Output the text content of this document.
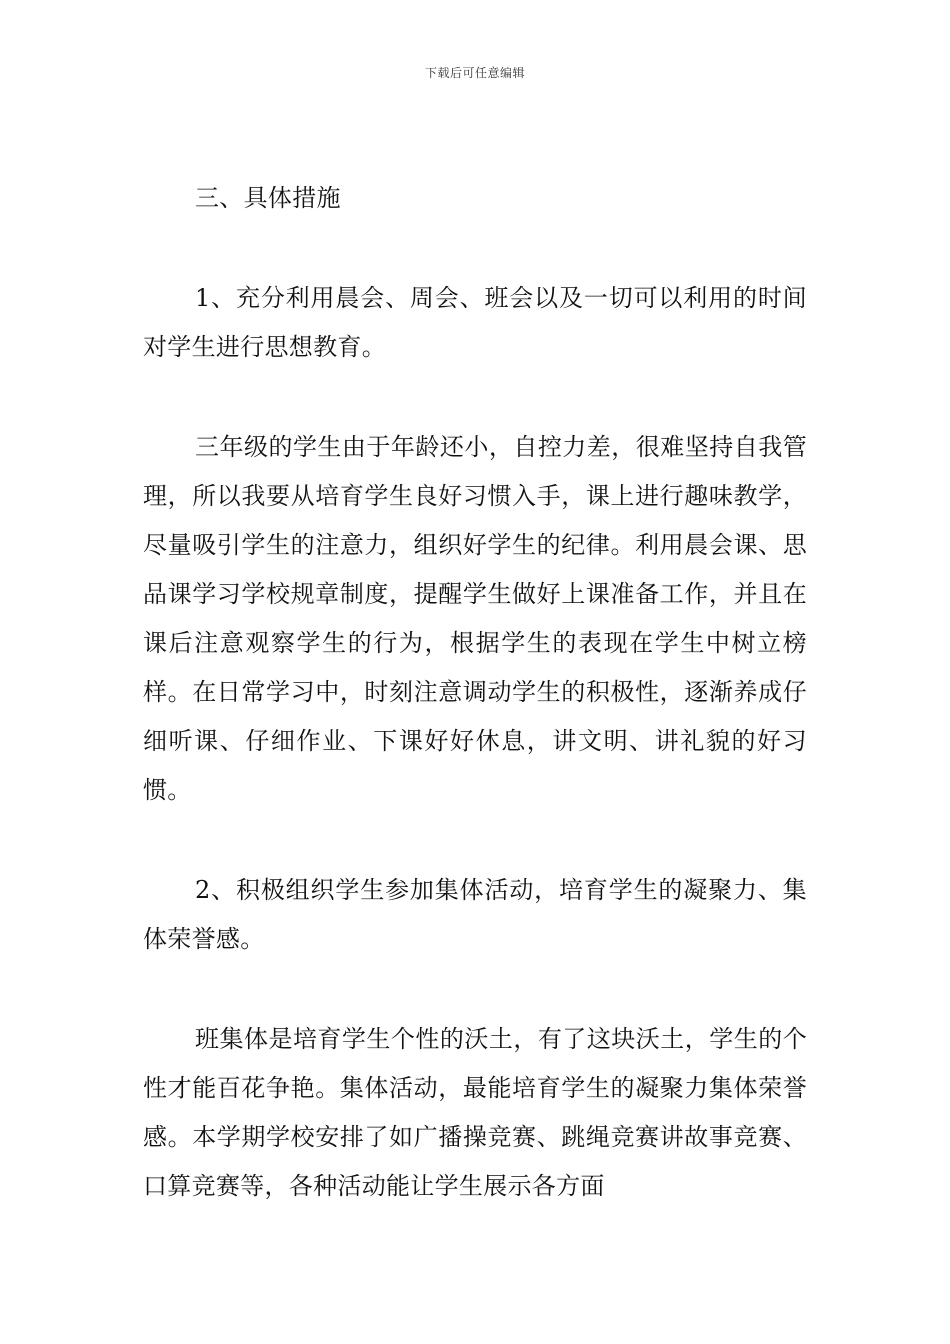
下载后可任意编辑

三、具体措施

1、充分利用晨会、周会、班会以及一切可以利用的时间对学生进行思想教育。

三年级的学生由于年龄还小，自控力差，很难坚持自我管理，所以我要从培育学生良好习惯入手，课上进行趣味教学，尽量吸引学生的注意力，组织好学生的纪律。利用晨会课、思品课学习学校规章制度，提醒学生做好上课准备工作，并且在课后注意观察学生的行为，根据学生的表现在学生中树立榜样。在日常学习中，时刻注意调动学生的积极性，逐渐养成仔细听课、仔细作业、下课好好休息，讲文明、讲礼貌的好习惯。

2、积极组织学生参加集体活动，培育学生的凝聚力、集体荣誉感。

班集体是培育学生个性的沃土，有了这块沃土，学生的个性才能百花争艳。集体活动，最能培育学生的凝聚力集体荣誉感。本学期学校安排了如广播操竞赛、跳绳竞赛讲故事竞赛、口算竞赛等，各种活动能让学生展示各方面
